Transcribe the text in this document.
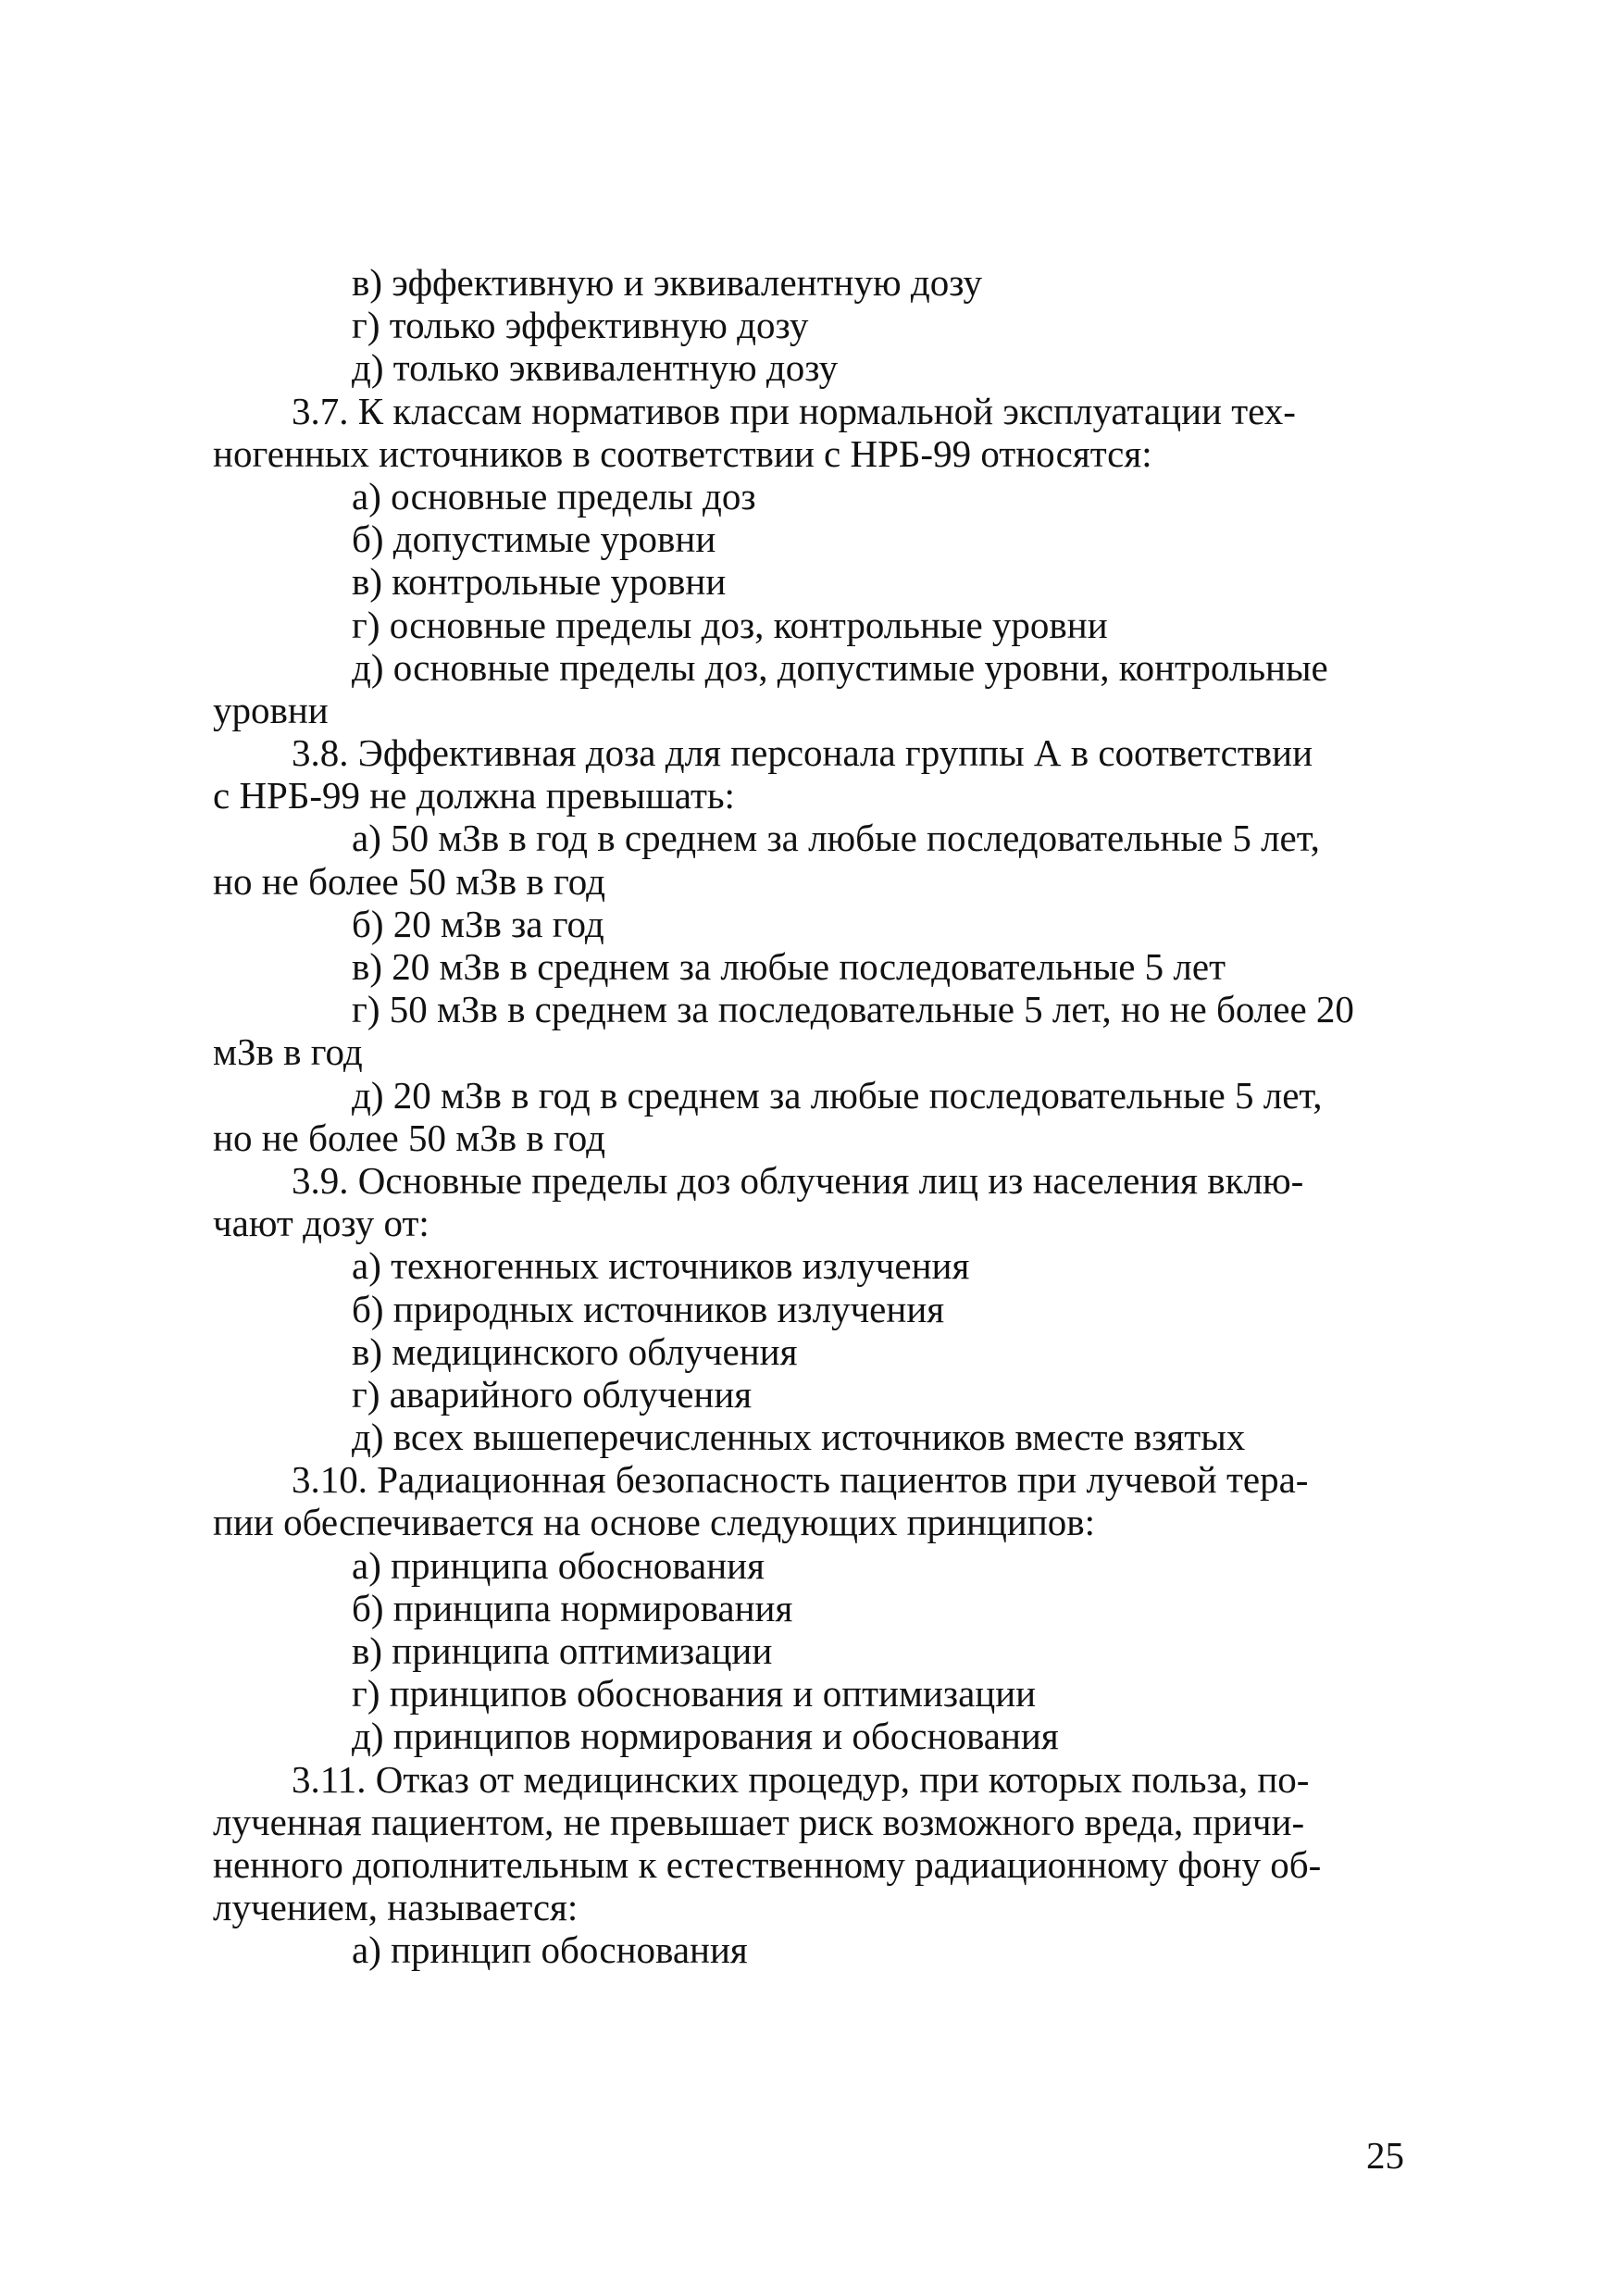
в) эффективную и эквивалентную дозу
г) только эффективную дозу
д) только эквивалентную дозу
3.7. К классам нормативов при нормальной эксплуатации тех-
ногенных источников в соответствии с НРБ-99 относятся:
а) основные пределы доз
б) допустимые уровни
в) контрольные уровни
г) основные пределы доз, контрольные уровни
д) основные пределы доз, допустимые уровни, контрольные
уровни
3.8. Эффективная доза для персонала группы А в соответствии
с НРБ-99 не должна превышать:
а) 50 мЗв в год в среднем за любые последовательные 5 лет,
но не более 50 мЗв в год
б) 20 мЗв за год
в) 20 мЗв в среднем за любые последовательные 5 лет
г) 50 мЗв в среднем за последовательные 5 лет, но не более 20
мЗв в год
д) 20 мЗв в год в среднем за любые последовательные 5 лет,
но не более 50 мЗв в год
3.9. Основные пределы доз облучения лиц из населения вклю-
чают дозу от:
а) техногенных источников излучения
б) природных источников излучения
в) медицинского облучения
г) аварийного облучения
д) всех вышеперечисленных источников вместе взятых
3.10. Радиационная безопасность пациентов при лучевой тера-
пии обеспечивается на основе следующих принципов:
а) принципа обоснования
б) принципа нормирования
в) принципа оптимизации
г) принципов обоснования и оптимизации
д) принципов нормирования и обоснования
3.11. Отказ от медицинских процедур, при которых польза, по-
лученная пациентом, не превышает риск возможного вреда, причи-
ненного дополнительным к естественному радиационному фону об-
лучением, называется:
а) принцип обоснования
25
